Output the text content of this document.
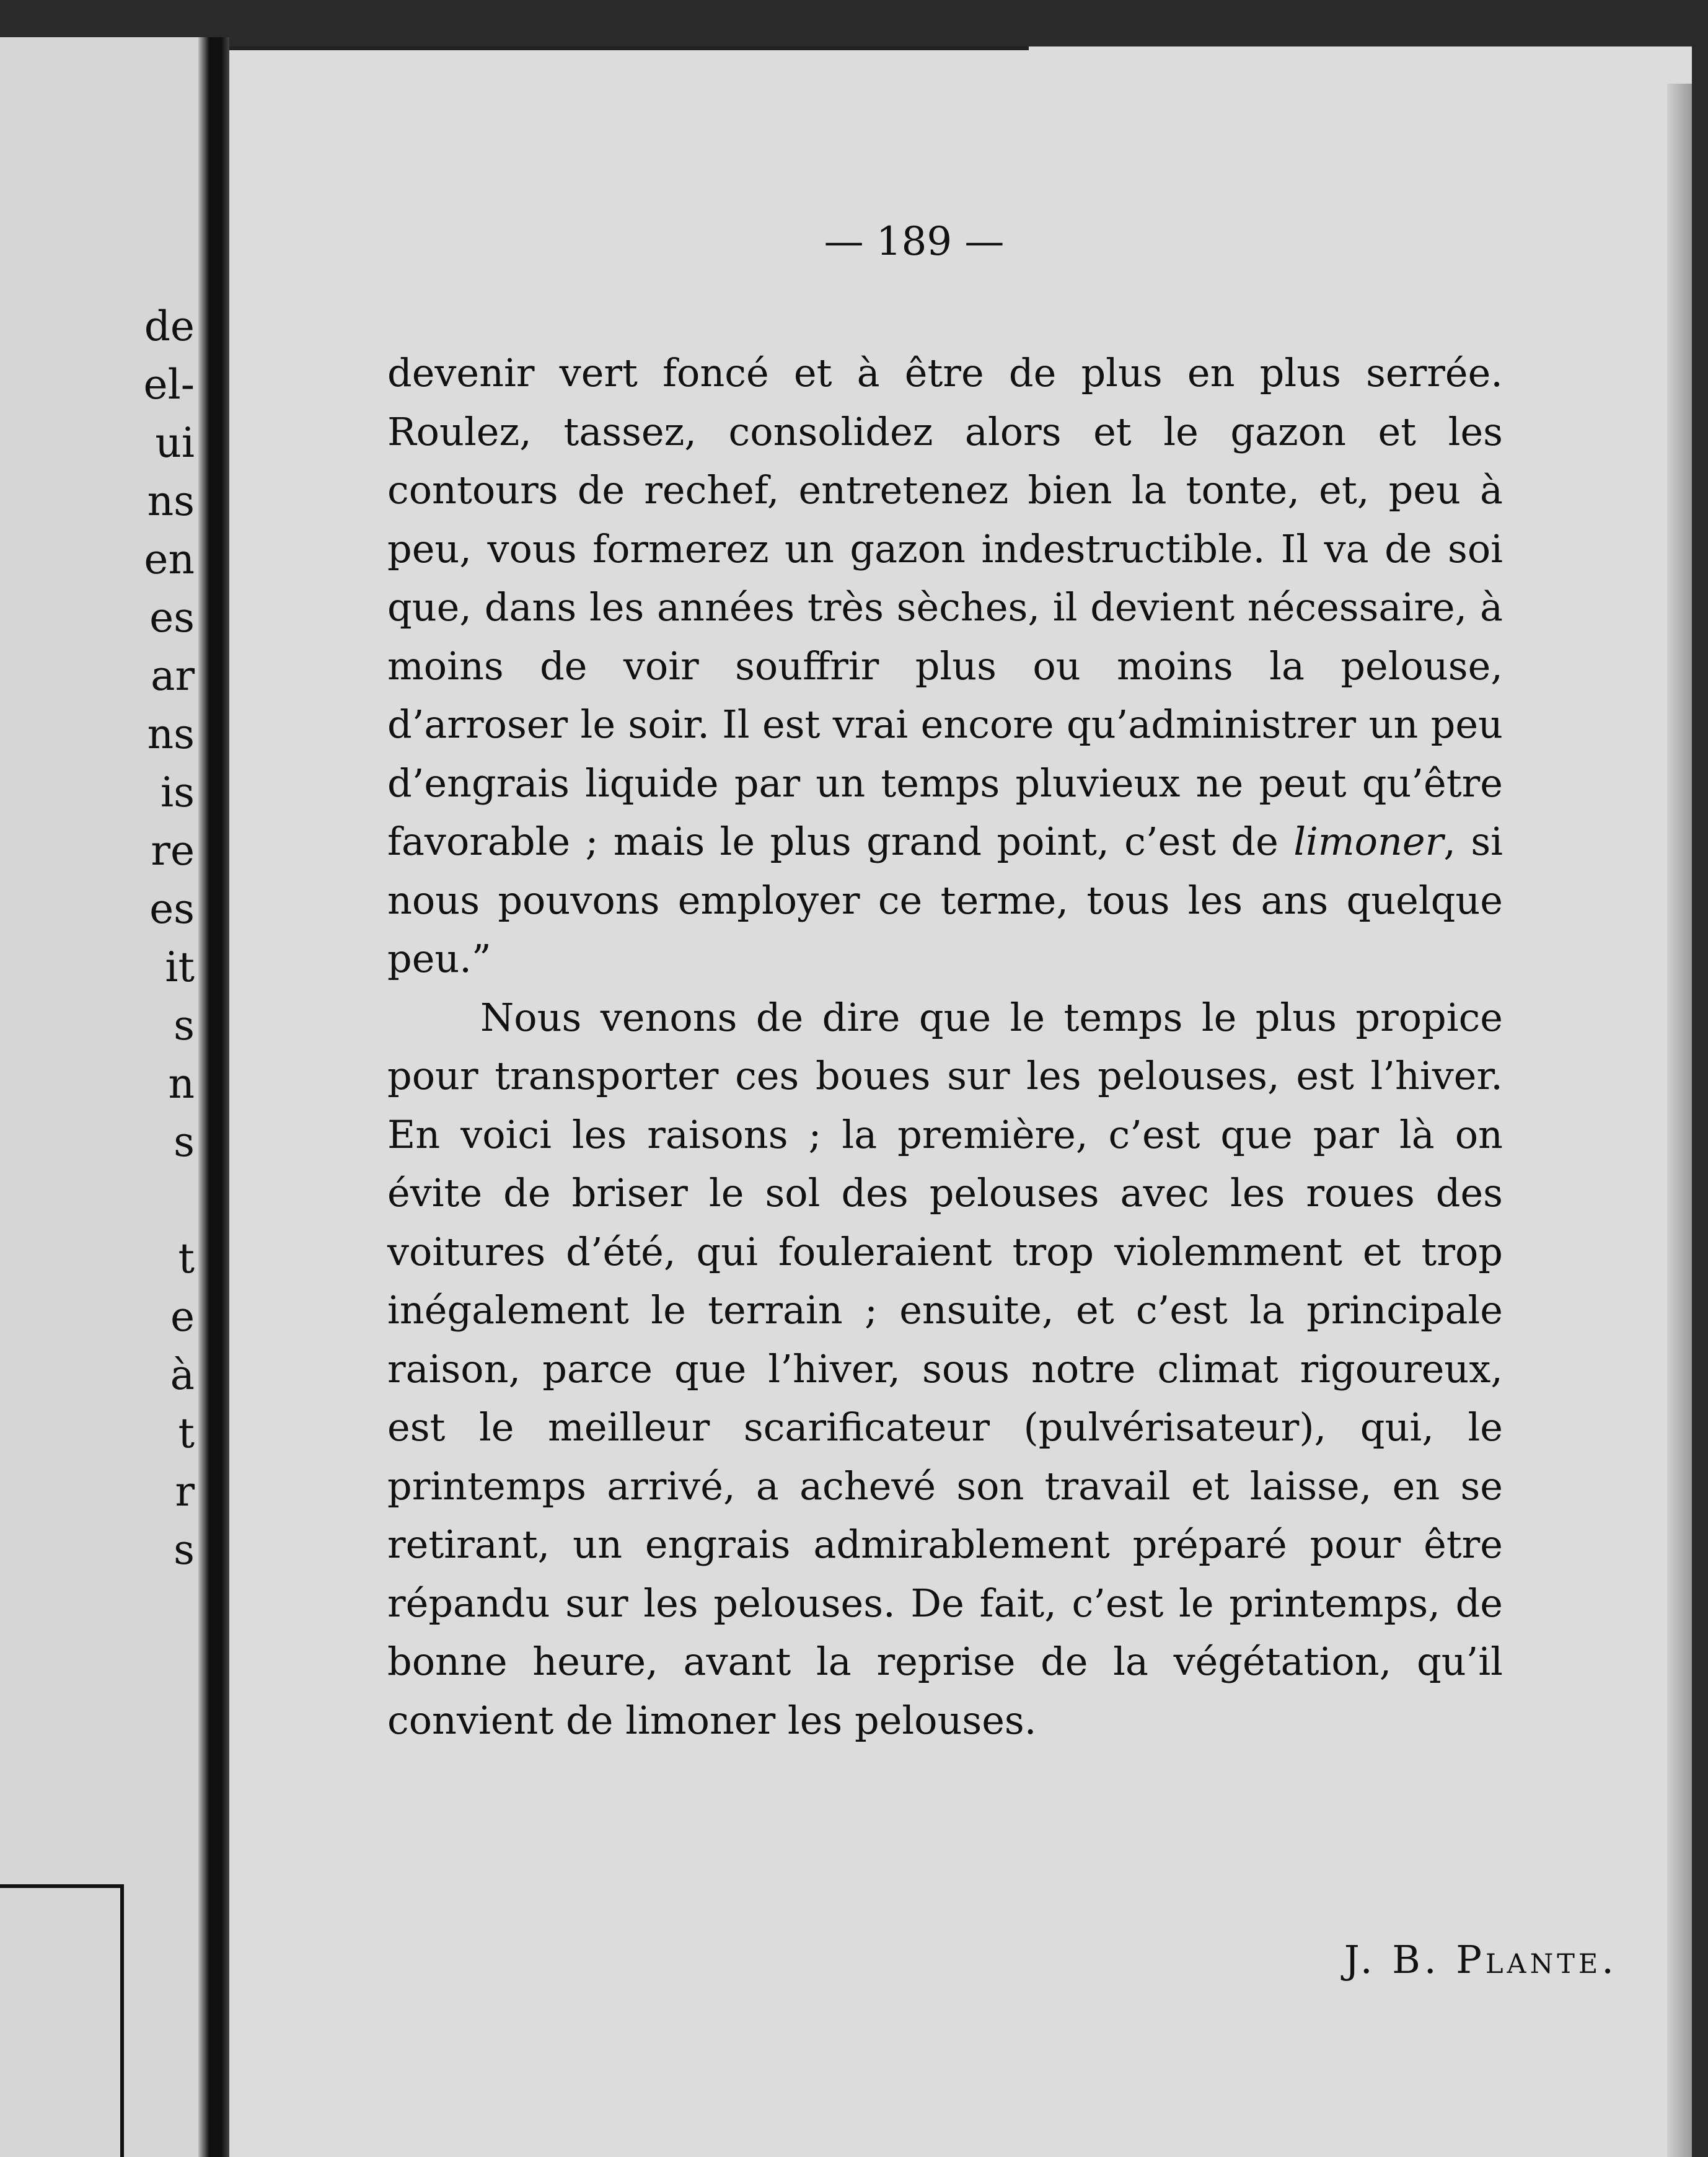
de
el-
ui
ns
en
es
ar
ns
is
re
es
it
s
n
s
t
e
à
t
r
s
— 189 —

devenir vert foncé et à être de plus en plus serrée. Roulez, tassez, consolidez alors et le gazon et les contours de rechef, entretenez bien la tonte, et, peu à peu, vous formerez un gazon indestructible. Il va de soi que, dans les années très sèches, il devient nécessaire, à moins de voir souffrir plus ou moins la pelouse, d’arroser le soir. Il est vrai encore qu’administrer un peu d’engrais liquide par un temps pluvieux ne peut qu’être favorable ; mais le plus grand point, c’est de limoner, si nous pouvons employer ce terme, tous les ans quelque peu.”

Nous venons de dire que le temps le plus propice pour transporter ces boues sur les pelouses, est l’hiver. En voici les raisons ; la première, c’est que par là on évite de briser le sol des pelouses avec les roues des voitures d’été, qui fouleraient trop violemment et trop inégalement le terrain ; ensuite, et c’est la principale raison, parce que l’hiver, sous notre climat rigoureux, est le meilleur scarificateur (pulvérisateur), qui, le printemps arrivé, a achevé son travail et laisse, en se retirant, un engrais admirablement préparé pour être répandu sur les pelouses. De fait, c’est le printemps, de bonne heure, avant la reprise de la végétation, qu’il convient de limoner les pelouses.

J. B. Plante.
